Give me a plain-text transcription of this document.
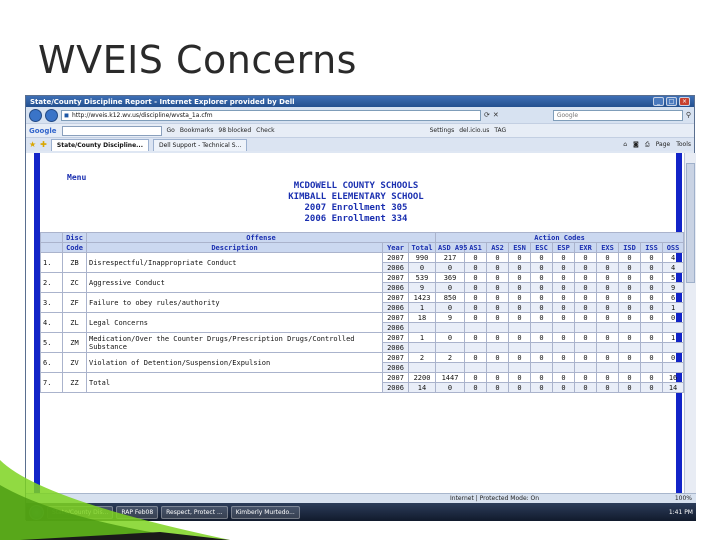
WVEIS Concerns
State/County Discipline Report - Internet Explorer provided by Dell	_	□	×
◼ http://wveis.k12.wv.us/discipline/wvsta_1a.cfm	⟳ ✕	Google	⚲
Google	Go Bookmarks 98 blocked Check	Settings del.icio.us TAG
★ ✚	State/County Discipline...	Dell Support - Technical S...	⌂ ◙ ⎙ Page Tools
Menu
MCDOWELL COUNTY SCHOOLS
KIMBALL ELEMENTARY SCHOOL
2007 Enrollment 305
2006 Enrollment 334
	Disc	Offense			Action Codes										
	Code	Description	Year	Total	ASD A95	AS1	AS2	ESN	ESC	ESP	EXR	EXS	ISD	ISS	OSS
1.	ZB	Disrespectful/Inappropriate Conduct	2007	990	217	0	0	0	0	0	0	0	0	0	4
			2006	0	0	0	0	0	0	0	0	0	0	0	4
2.	ZC	Aggressive Conduct	2007	539	369	0	0	0	0	0	0	0	0	0	5
			2006	9	0	0	0	0	0	0	0	0	0	0	9
3.	ZF	Failure to obey rules/authority	2007	1423	850	0	0	0	0	0	0	0	0	0	6
			2006	1	0	0	0	0	0	0	0	0	0	0	1
4.	ZL	Legal Concerns	2007	18	9	0	0	0	0	0	0	0	0	0	0
			2006												
5.	ZM	Medication/Over the Counter Drugs/Prescription Drugs/Controlled Substance	2007	1	0	0	0	0	0	0	0	0	0	0	1
			2006												
6.	ZV	Violation of Detention/Suspension/Expulsion	2007	2	2	0	0	0	0	0	0	0	0	0	0
			2006												
7.	ZZ	Total	2007	2200	1447	0	0	0	0	0	0	0	0	0	16
			2006	14	0	0	0	0	0	0	0	0	0	0	14
Internet | Protected Mode: On	100%
RAP Feb08	Respect, Protect ...	Kimberly Murtedo...	1:41 PM
